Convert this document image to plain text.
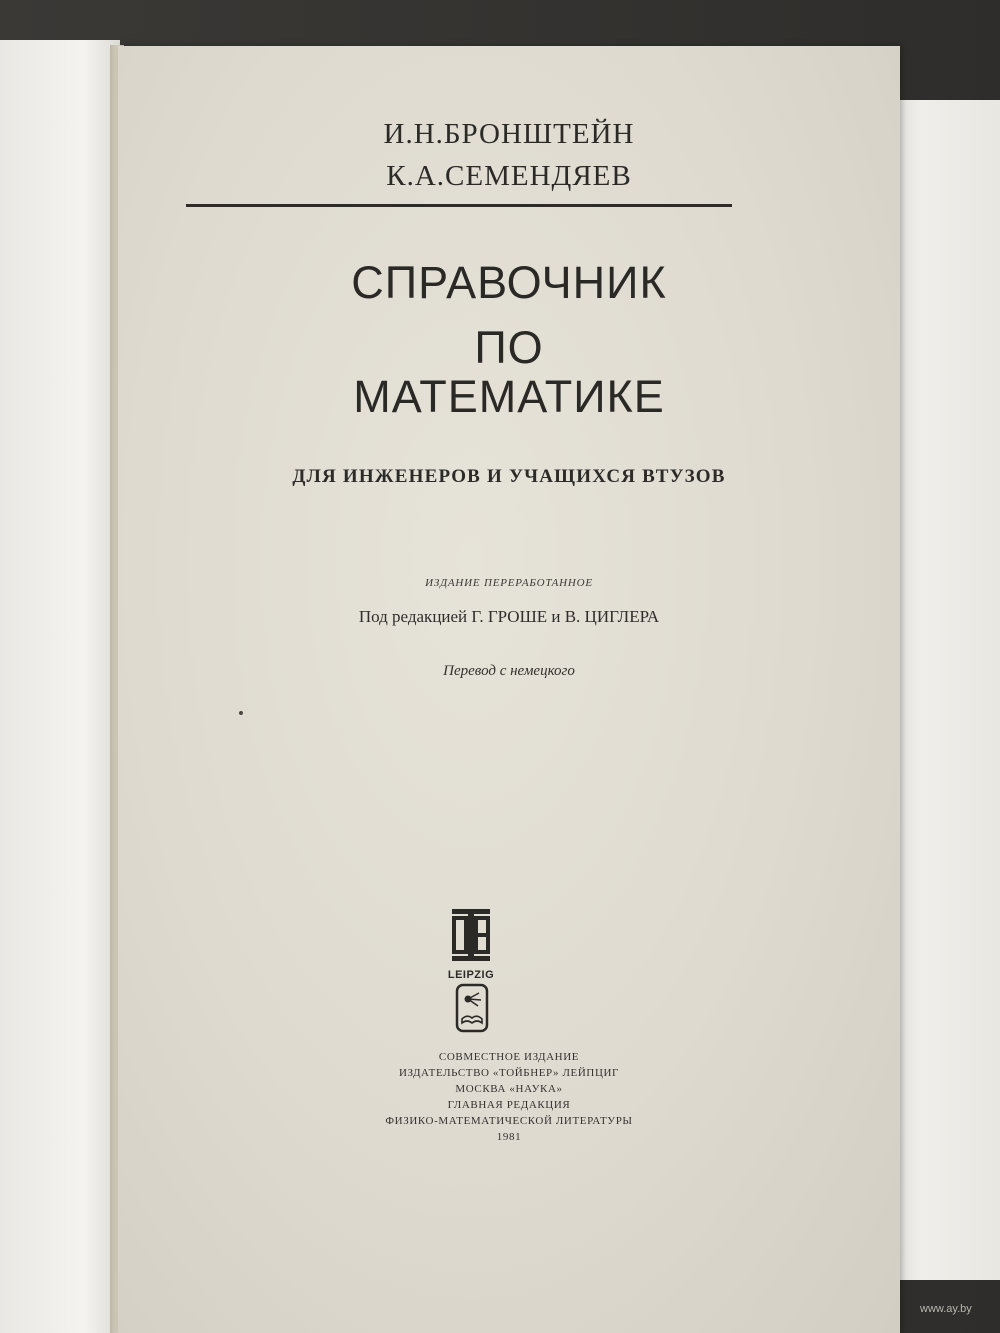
И.Н.БРОНШТЕЙН
К.А.СЕМЕНДЯЕВ
СПРАВОЧНИК
ПО
МАТЕМАТИКЕ
ДЛЯ ИНЖЕНЕРОВ И УЧАЩИХСЯ ВТУЗОВ
ИЗДАНИЕ ПЕРЕРАБОТАННОЕ
Под редакцией Г. ГРОШЕ и В. ЦИГЛЕРА
Перевод с немецкого
LEIPZIG
СОВМЕСТНОЕ ИЗДАНИЕ
ИЗДАТЕЛЬСТВО «ТОЙБНЕР» ЛЕЙПЦИГ
МОСКВА «НАУКА»
ГЛАВНАЯ РЕДАКЦИЯ
ФИЗИКО-МАТЕМАТИЧЕСКОЙ ЛИТЕРАТУРЫ
1981
www.ay.by
